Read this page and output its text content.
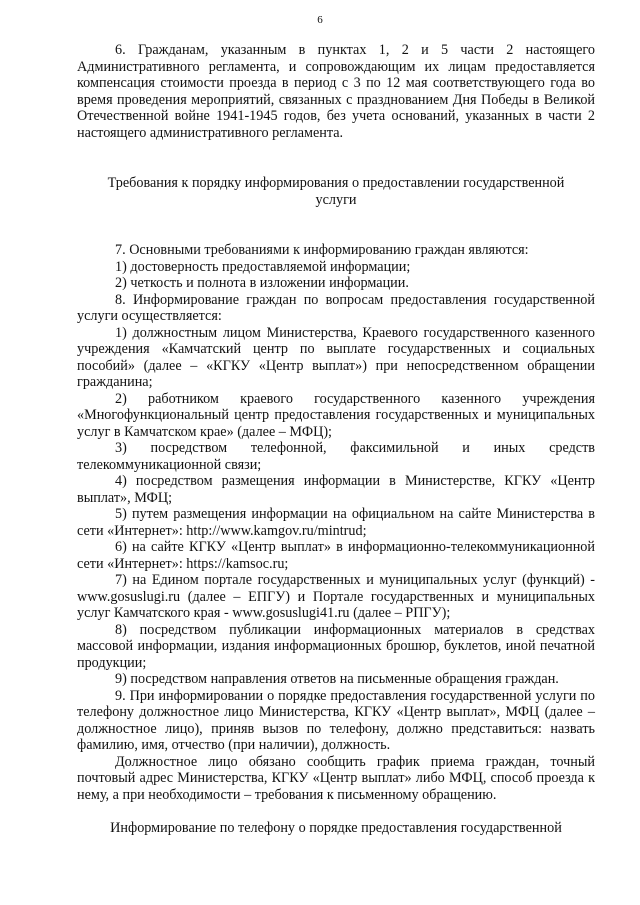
6

6. Гражданам, указанным в пунктах 1, 2 и 5 части 2 настоящего Административного регламента, и сопровождающим их лицам предоставляется компенсация стоимости проезда в период с 3 по 12 мая соответствующего года во время проведения мероприятий, связанных с празднованием Дня Победы в Великой Отечественной войне 1941-1945 годов, без учета оснований, указанных в части 2 настоящего административного регламента.

Требования к порядку информирования о предоставлении государственной услуги

7. Основными требованиями к информированию граждан являются:

1) достоверность предоставляемой информации;

2) четкость и полнота в изложении информации.

8. Информирование граждан по вопросам предоставления государственной услуги осуществляется:

1) должностным лицом Министерства, Краевого государственного казенного учреждения «Камчатский центр по выплате государственных и социальных пособий» (далее – «КГКУ «Центр выплат») при непосредственном обращении гражданина;

2) работником краевого государственного казенного учреждения «Многофункциональный центр предоставления государственных и муниципальных услуг в Камчатском крае» (далее – МФЦ);

3) посредством телефонной, факсимильной и иных средств телекоммуникационной связи;

4) посредством размещения информации в Министерстве, КГКУ «Центр выплат», МФЦ;

5) путем размещения информации на официальном на сайте Министерства в сети «Интернет»: http://www.kamgov.ru/mintrud;

6) на сайте КГКУ «Центр выплат» в информационно-телекоммуникационной сети «Интернет»: https://kamsoc.ru;

7) на Едином портале государственных и муниципальных услуг (функций) - www.gosuslugi.ru (далее – ЕПГУ) и Портале государственных и муниципальных услуг Камчатского края - www.gosuslugi41.ru (далее – РПГУ);

8) посредством публикации информационных материалов в средствах массовой информации, издания информационных брошюр, буклетов, иной печатной продукции;

9) посредством направления ответов на письменные обращения граждан.

9. При информировании о порядке предоставления государственной услуги по телефону должностное лицо Министерства, КГКУ «Центр выплат», МФЦ (далее – должностное лицо), приняв вызов по телефону, должно представиться: назвать фамилию, имя, отчество (при наличии), должность.

Должностное лицо обязано сообщить график приема граждан, точный почтовый адрес Министерства, КГКУ «Центр выплат» либо МФЦ, способ проезда к нему, а при необходимости – требования к письменному обращению.

Информирование по телефону о порядке предоставления государственной
